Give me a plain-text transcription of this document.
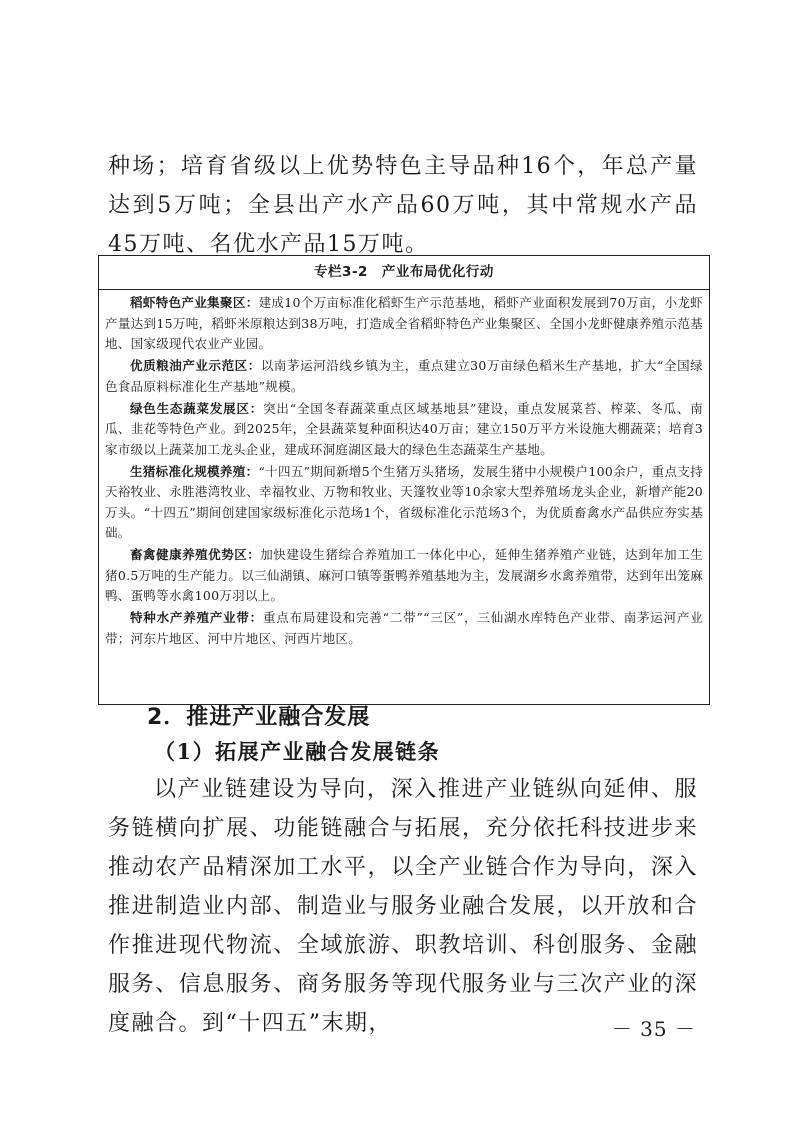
种场；培育省级以上优势特色主导品种16个，年总产量达到5万吨；全县出产水产品60万吨，其中常规水产品45万吨、名优水产品15万吨。

专栏3-2　产业布局优化行动

稻虾特色产业集聚区：建成10个万亩标准化稻虾生产示范基地，稻虾产业面积发展到70万亩，小龙虾产量达到15万吨，稻虾米原粮达到38万吨，打造成全省稻虾特色产业集聚区、全国小龙虾健康养殖示范基地、国家级现代农业产业园。

优质粮油产业示范区：以南茅运河沿线乡镇为主，重点建立30万亩绿色稻米生产基地，扩大“全国绿色食品原料标准化生产基地”规模。

绿色生态蔬菜发展区：突出“全国冬春蔬菜重点区域基地县”建设，重点发展菜苔、榨菜、冬瓜、南瓜、韭花等特色产业。到2025年，全县蔬菜复种面积达40万亩；建立150万平方米设施大棚蔬菜；培育3家市级以上蔬菜加工龙头企业，建成环洞庭湖区最大的绿色生态蔬菜生产基地。

生猪标准化规模养殖：“十四五”期间新增5个生猪万头猪场，发展生猪中小规模户100余户，重点支持天裕牧业、永胜港湾牧业、幸福牧业、万物和牧业、天篷牧业等10余家大型养殖场龙头企业，新增产能20万头。“十四五”期间创建国家级标准化示范场1个，省级标准化示范场3个，为优质畜禽水产品供应夯实基础。

畜禽健康养殖优势区：加快建设生猪综合养殖加工一体化中心，延伸生猪养殖产业链，达到年加工生猪0.5万吨的生产能力。以三仙湖镇、麻河口镇等蛋鸭养殖基地为主，发展湖乡水禽养殖带，达到年出笼麻鸭、蛋鸭等水禽100万羽以上。

特种水产养殖产业带：重点布局建设和完善“二带”“三区”，三仙湖水库特色产业带、南茅运河产业带；河东片地区、河中片地区、河西片地区。

2．推进产业融合发展
（1）拓展产业融合发展链条

以产业链建设为导向，深入推进产业链纵向延伸、服务链横向扩展、功能链融合与拓展，充分依托科技进步来推动农产品精深加工水平，以全产业链合作为导向，深入推进制造业内部、制造业与服务业融合发展，以开放和合作推进现代物流、全域旅游、职教培训、科创服务、金融服务、信息服务、商务服务等现代服务业与三次产业的深度融合。到“十四五”末期，	－ 35 －
